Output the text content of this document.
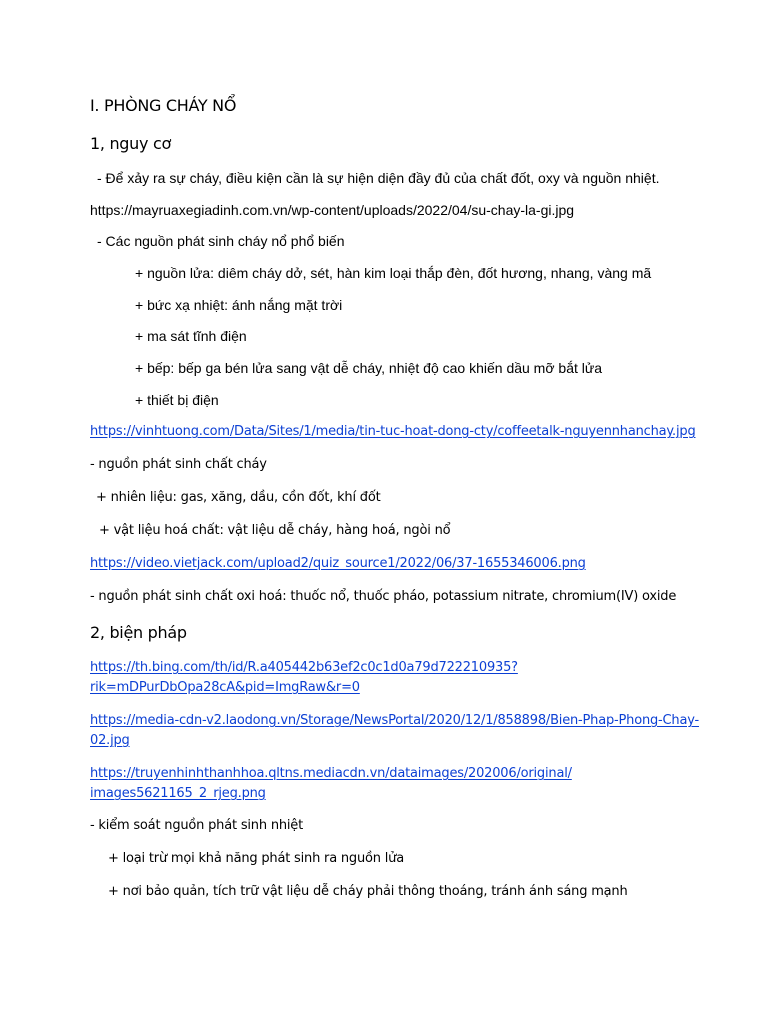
I. PHÒNG CHÁY NỔ
1, nguy cơ
- Để xảy ra sự cháy, điều kiện cần là sự hiện diện đầy đủ của chất đốt, oxy và nguồn nhiệt.
https://mayruaxegiadinh.com.vn/wp-content/uploads/2022/04/su-chay-la-gi.jpg
- Các nguồn phát sinh cháy nổ phổ biến
+ nguồn lửa: diêm cháy dở, sét, hàn kim loại thắp đèn, đốt hương, nhang, vàng mã
+ bức xạ nhiệt: ánh nắng mặt trời
+ ma sát tĩnh điện
+ bếp: bếp ga bén lửa sang vật dễ cháy, nhiệt độ cao khiến dầu mỡ bắt lửa
+ thiết bị điện
https://vinhtuong.com/Data/Sites/1/media/tin-tuc-hoat-dong-cty/coffeetalk-nguyennhanchay.jpg
- nguồn phát sinh chất cháy
+ nhiên liệu: gas, xăng, dầu, cồn đốt, khí đốt
+ vật liệu hoá chất: vật liệu dễ cháy, hàng hoá, ngòi nổ
https://video.vietjack.com/upload2/quiz_source1/2022/06/37-1655346006.png
- nguồn phát sinh chất oxi hoá: thuốc nổ, thuốc pháo, potassium nitrate, chromium(IV) oxide
2, biện pháp
https://th.bing.com/th/id/R.a405442b63ef2c0c1d0a79d722210935?
rik=mDPurDbOpa28cA&pid=ImgRaw&r=0
https://media-cdn-v2.laodong.vn/Storage/NewsPortal/2020/12/1/858898/Bien-Phap-Phong-Chay-
02.jpg
https://truyenhinhthanhhoa.qltns.mediacdn.vn/dataimages/202006/original/
images5621165_2_rjeg.png
- kiểm soát nguồn phát sinh nhiệt
+ loại trừ mọi khả năng phát sinh ra nguồn lửa
+ nơi bảo quản, tích trữ vật liệu dễ cháy phải thông thoáng, tránh ánh sáng mạnh
